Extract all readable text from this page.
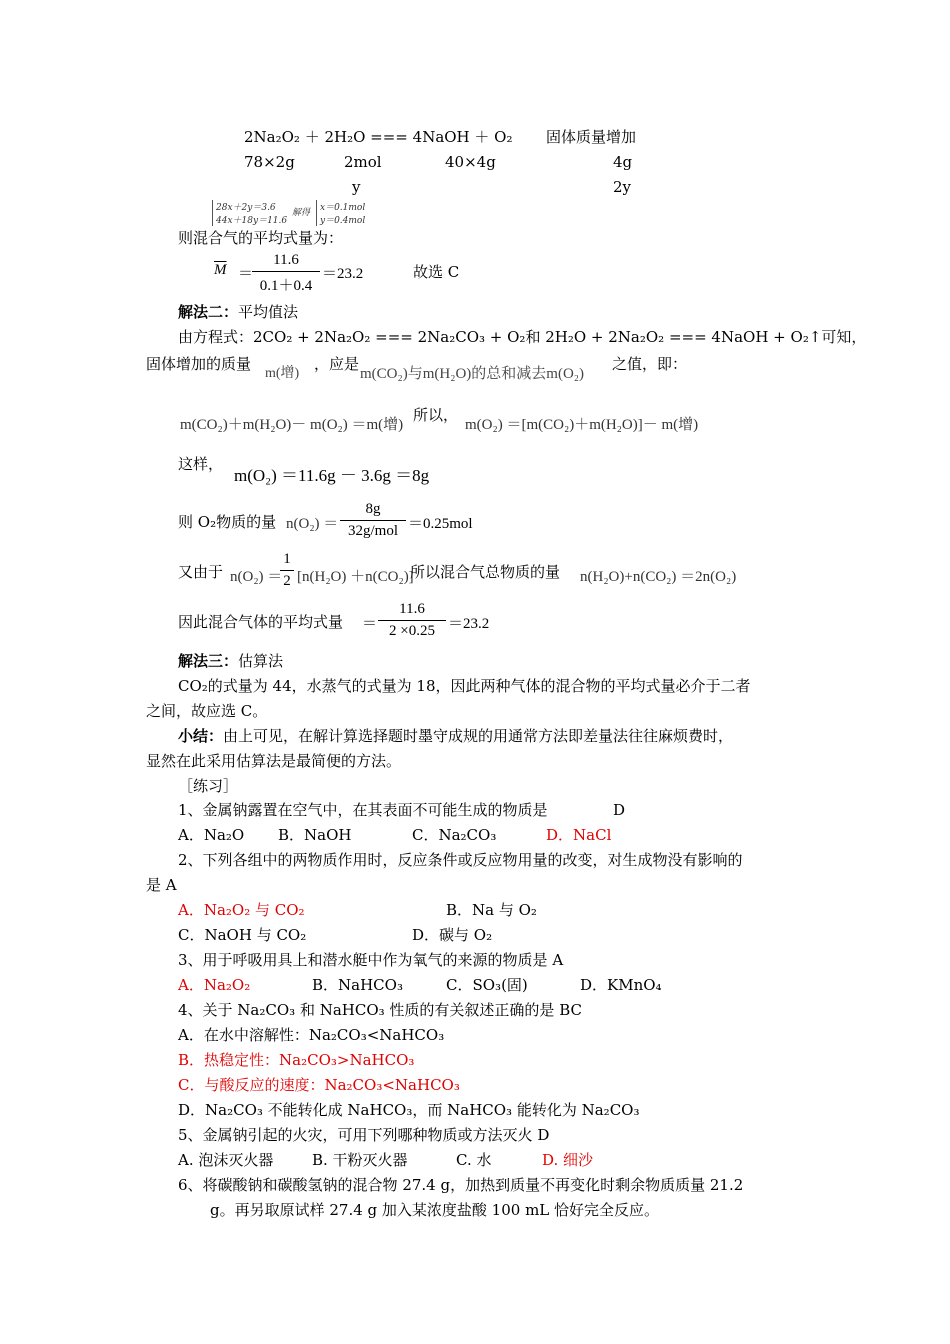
2Na₂O₂ ＋ 2H₂O === 4NaOH ＋ O₂ 固体质量增加
78×2g	2mol	40×4g	4g
y	2y
28x＋2y＝3.6
44x＋18y＝11.6
解得 x＝0.1mol
y＝0.4mol
则混合气的平均式量为：
$\overline{M}$ ＝
11.6
0.1＋0.4
＝23.2	故选 C
解法二：平均值法
由方程式：2CO₂ + 2Na₂O₂ === 2Na₂CO₃ + O₂和 2H₂O + 2Na₂O₂ === 4NaOH + O₂↑可知，
固体增加的质量
m(增)
，应是
m(CO₂)与m(H₂O)的总和减去m(O₂)
之值，即：
m(CO₂)＋m(H₂O)－ m(O₂) ＝m(增)
所以，
m(O₂) ＝[m(CO₂)＋m(H₂O)]－ m(增)
这样，
m(O₂) ＝11.6g － 3.6g ＝8g
则 O₂物质的量 n(O₂) ＝
8g
32g/mol ＝0.25mol
又由于 n(O₂) ＝
1
2 [n(H₂O) ＋n(CO₂)]
所以混合气总物质的量 n(H₂O)+n(CO₂) ＝2n(O₂)
因此混合气体的平均式量 ＝
11.6
2 ×0.25 ＝23.2
解法三：估算法
CO₂的式量为 44，水蒸气的式量为 18，因此两种气体的混合物的平均式量必介于二者
之间，故应选 C。
小结：由上可见，在解计算选择题时墨守成规的用通常方法即差量法往往麻烦费时，
显然在此采用估算法是最简便的方法。
［练习］
1、金属钠露置在空气中，在其表面不可能生成的物质是	D
A．Na₂O B．NaOH	C．Na₂CO₃	D．NaCl
2、下列各组中的两物质作用时，反应条件或反应物用量的改变，对生成物没有影响的
是 A
A．Na₂O₂ 与 CO₂	B．Na 与 O₂
C．NaOH 与 CO₂	D．碳与 O₂
3、用于呼吸用具上和潜水艇中作为氧气的来源的物质是 A
A．Na₂O₂	B．NaHCO₃	C．SO₃(固)	D．KMnO₄
4、关于 Na₂CO₃ 和 NaHCO₃ 性质的有关叙述正确的是 BC
A．在水中溶解性：Na₂CO₃<NaHCO₃
B．热稳定性：Na₂CO₃>NaHCO₃
C．与酸反应的速度：Na₂CO₃<NaHCO₃
D．Na₂CO₃ 不能转化成 NaHCO₃，而 NaHCO₃ 能转化为 Na₂CO₃
5、金属钠引起的火灾，可用下列哪种物质或方法灭火 D
A. 泡沫灭火器	B. 干粉灭火器	C. 水	D. 细沙
6、将碳酸钠和碳酸氢钠的混合物 27.4 g，加热到质量不再变化时剩余物质质量 21.2
g。再另取原试样 27.4 g 加入某浓度盐酸 100 mL 恰好完全反应。
